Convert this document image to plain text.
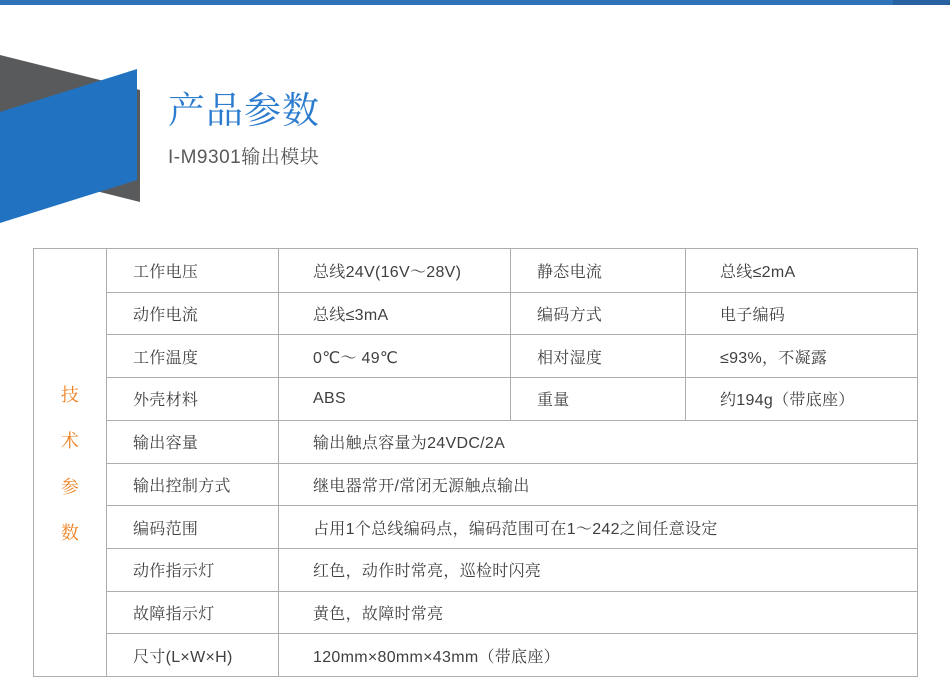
产品参数
I-M9301输出模块
技
术
参
数
工作电压	总线24V(16V～28V)	静态电流	总线≤2mA
动作电流	总线≤3mA	编码方式	电子编码
工作温度	0℃～ 49℃	相对湿度	≤93%，不凝露
外壳材料	ABS	重量	约194g（带底座）
输出容量	输出触点容量为24VDC/2A
输出控制方式	继电器常开/常闭无源触点输出
编码范围	占用1个总线编码点，编码范围可在1～242之间任意设定
动作指示灯	红色，动作时常亮，巡检时闪亮
故障指示灯	黄色，故障时常亮
尺寸(L×W×H)	120mm×80mm×43mm（带底座）
